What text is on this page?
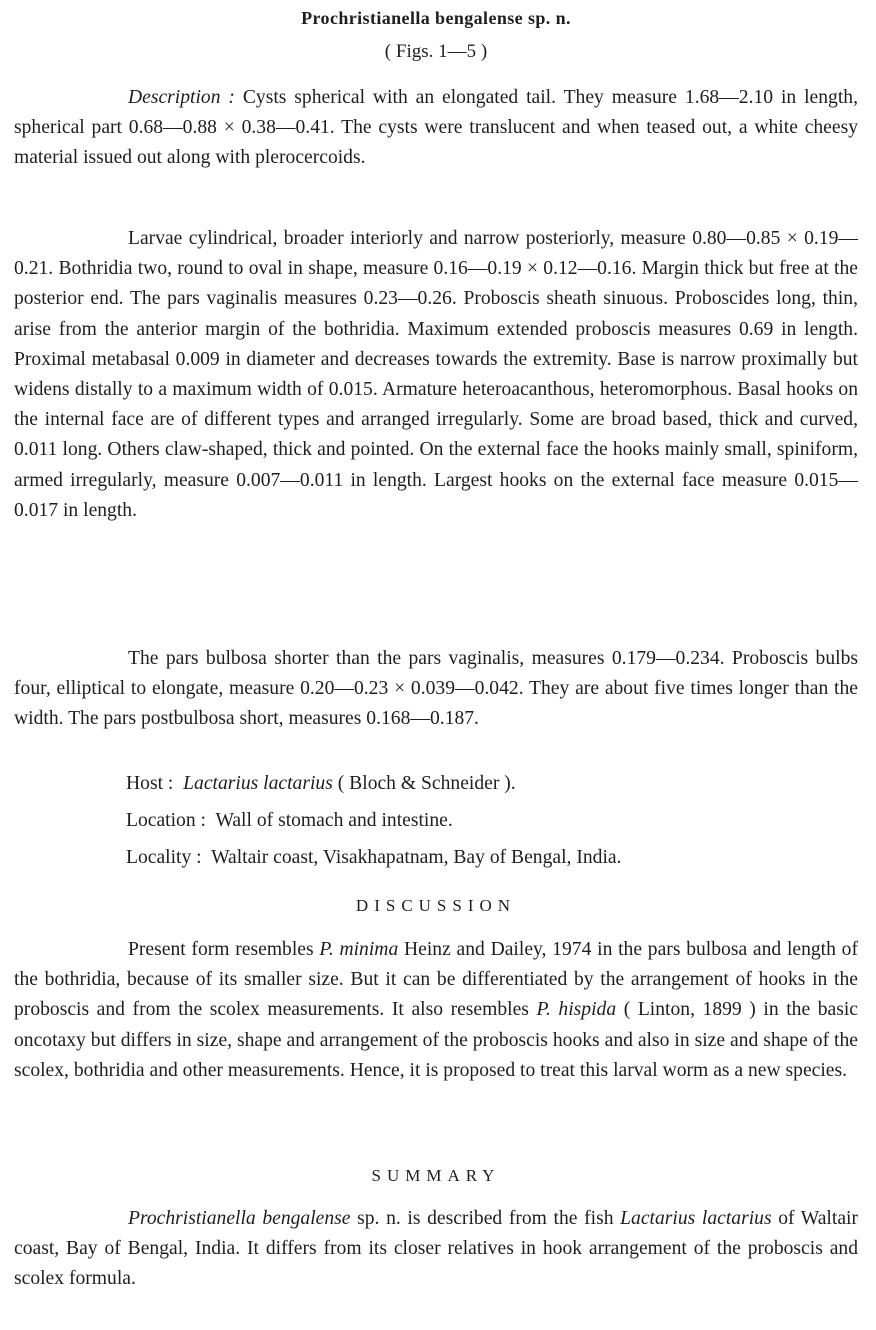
Prochristianella bengalense sp. n.
( Figs. 1—5 )

Description : Cysts spherical with an elongated tail. They measure 1.68—2.10 in length, spherical part 0.68—0.88 × 0.38—0.41. The cysts were translucent and when teased out, a white cheesy material issued out along with plerocercoids.

Larvae cylindrical, broader interiorly and narrow posteriorly, measure 0.80—0.85 × 0.19—0.21. Bothridia two, round to oval in shape, measure 0.16—0.19 × 0.12—0.16. Margin thick but free at the posterior end. The pars vaginalis measures 0.23—0.26. Proboscis sheath sinuous. Proboscides long, thin, arise from the anterior margin of the bothridia. Maximum extended proboscis measures 0.69 in length. Proximal metabasal 0.009 in diameter and decreases towards the extremity. Base is narrow proximally but widens distally to a maximum width of 0.015. Armature heteroacanthous, heteromorphous. Basal hooks on the internal face are of different types and arranged irregularly. Some are broad based, thick and curved, 0.011 long. Others claw-shaped, thick and pointed. On the external face the hooks mainly small, spiniform, armed irregularly, measure 0.007—0.011 in length. Largest hooks on the external face measure 0.015—0.017 in length.

The pars bulbosa shorter than the pars vaginalis, measures 0.179—0.234. Proboscis bulbs four, elliptical to elongate, measure 0.20—0.23 × 0.039—0.042. They are about five times longer than the width. The pars postbulbosa short, measures 0.168—0.187.

Host : Lactarius lactarius ( Bloch & Schneider ).
Location : Wall of stomach and intestine.
Locality : Waltair coast, Visakhapatnam, Bay of Bengal, India.
DISCUSSION

Present form resembles P. minima Heinz and Dailey, 1974 in the pars bulbosa and length of the bothridia, because of its smaller size. But it can be differentiated by the arrangement of hooks in the proboscis and from the scolex measurements. It also resembles P. hispida ( Linton, 1899 ) in the basic oncotaxy but differs in size, shape and arrangement of the proboscis hooks and also in size and shape of the scolex, bothridia and other measurements. Hence, it is proposed to treat this larval worm as a new species.

SUMMARY

Prochristianella bengalense sp. n. is described from the fish Lactarius lactarius of Waltair coast, Bay of Bengal, India. It differs from its closer relatives in hook arrangement of the proboscis and scolex formula.
